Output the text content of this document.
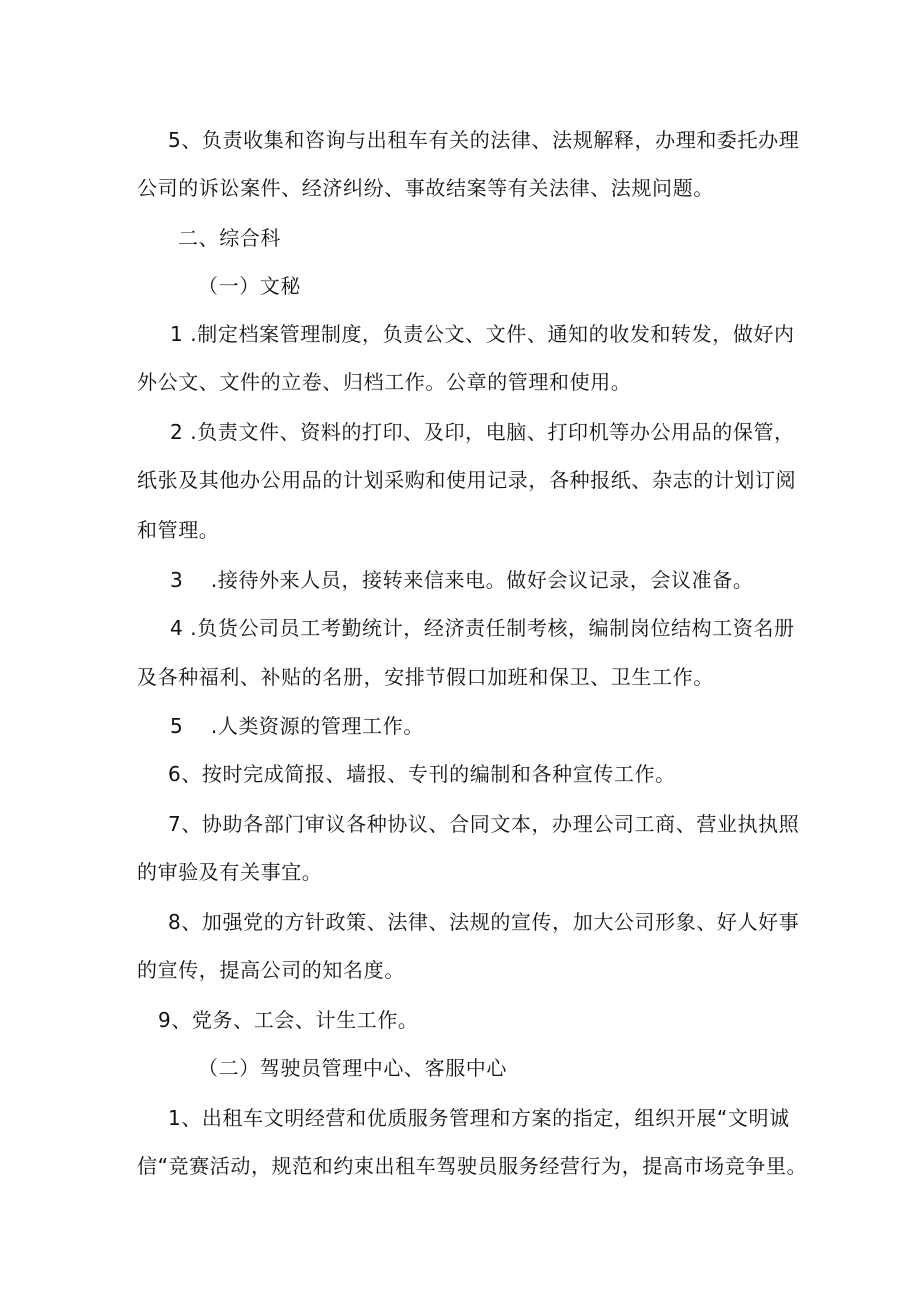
5、负责收集和咨询与出租车有关的法律、法规解释，办理和委托办理
公司的诉讼案件、经济纠纷、事故结案等有关法律、法规问题。
二、综合科
（一）文秘
1 .制定档案管理制度，负责公文、文件、通知的收发和转发，做好内
外公文、文件的立卷、归档工作。公章的管理和使用。
2 .负责文件、资料的打印、及印，电脑、打印机等办公用品的保管，
纸张及其他办公用品的计划采购和使用记录，各种报纸、杂志的计划订阅
和管理。
3　 .接待外来人员，接转来信来电。做好会议记录，会议准备。
4 .负货公司员工考勤统计，经济责任制考核，编制岗位结构工资名册
及各种福利、补贴的名册，安排节假口加班和保卫、卫生工作。
5　 .人类资源的管理工作。
6、按时完成简报、墙报、专刊的编制和各种宣传工作。
7、协助各部门审议各种协议、合同文本，办理公司工商、营业执执照
的审验及有关事宜。
8、加强党的方针政策、法律、法规的宣传，加大公司形象、好人好事
的宣传，提高公司的知名度。
9、党务、工会、计生工作。
（二）驾驶员管理中心、客服中心
1、出租车文明经营和优质服务管理和方案的指定，组织开展“文明诚
信“竞赛活动，规范和约束出租车驾驶员服务经营行为，提高市场竞争里。
